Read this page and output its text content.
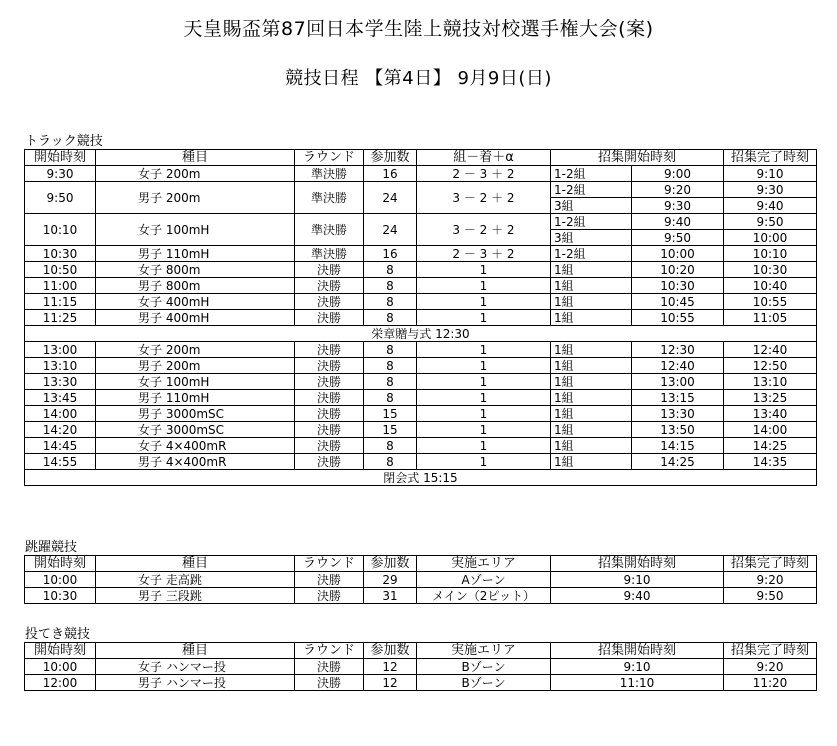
天皇賜盃第87回日本学生陸上競技対校選手権大会(案)
競技日程 【第4日】 9月9日(日)
トラック競技
開始時刻	種目	ラウンド	参加数	組－着＋α	招集開始時刻		招集完了時刻
9:30	女子 200m	準決勝	16	2 － 3 ＋ 2	1-2組	9:00	9:10
9:50	男子 200m	準決勝	24	3 － 2 ＋ 2	1-2組	9:20	9:30
					3組	9:30	9:40
10:10	女子 100mH	準決勝	24	3 － 2 ＋ 2	1-2組	9:40	9:50
					3組	9:50	10:00
10:30	男子 110mH	準決勝	16	2 － 3 ＋ 2	1-2組	10:00	10:10
10:50	女子 800m	決勝	8	1	1組	10:20	10:30
11:00	男子 800m	決勝	8	1	1組	10:30	10:40
11:15	女子 400mH	決勝	8	1	1組	10:45	10:55
11:25	男子 400mH	決勝	8	1	1組	10:55	11:05
栄章贈与式 12:30							
13:00	女子 200m	決勝	8	1	1組	12:30	12:40
13:10	男子 200m	決勝	8	1	1組	12:40	12:50
13:30	女子 100mH	決勝	8	1	1組	13:00	13:10
13:45	男子 110mH	決勝	8	1	1組	13:15	13:25
14:00	男子 3000mSC	決勝	15	1	1組	13:30	13:40
14:20	女子 3000mSC	決勝	15	1	1組	13:50	14:00
14:45	女子 4×400mR	決勝	8	1	1組	14:15	14:25
14:55	男子 4×400mR	決勝	8	1	1組	14:25	14:35
閉会式 15:15							
跳躍競技
開始時刻	種目	ラウンド	参加数	実施エリア	招集開始時刻	招集完了時刻
10:00	女子 走高跳	決勝	29	Aゾーン	9:10	9:20
10:30	男子 三段跳	決勝	31	メイン（2ピット）	9:40	9:50
投てき競技
開始時刻	種目	ラウンド	参加数	実施エリア	招集開始時刻	招集完了時刻
10:00	女子 ハンマー投	決勝	12	Bゾーン	9:10	9:20
12:00	男子 ハンマー投	決勝	12	Bゾーン	11:10	11:20
